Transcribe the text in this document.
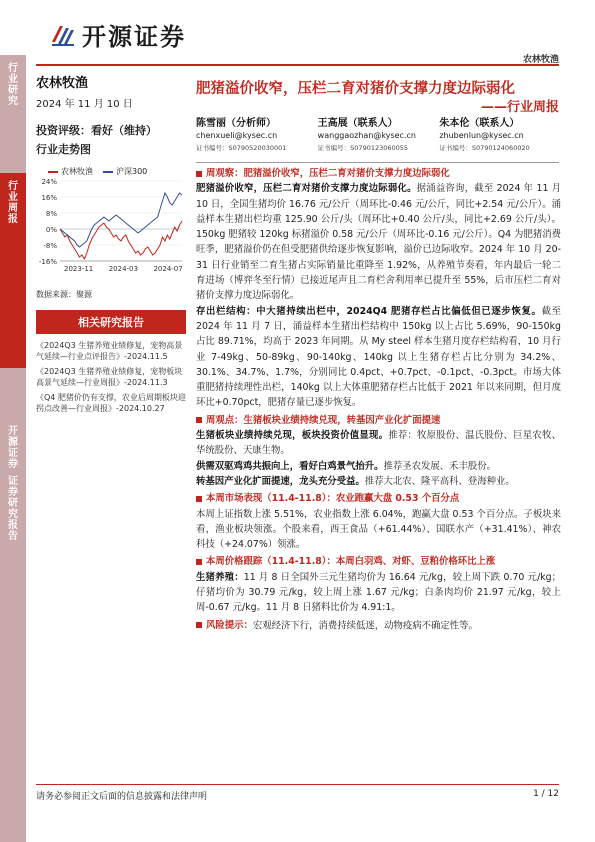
行
业
研
究
行
业
周
报
开
源
证
券
证
券
研
究
报
告
开源证券
农林牧渔
农林牧渔
2024 年 11 月 10 日
投资评级：看好（维持）
行业走势图
农林牧渔	沪深300
24%
16%
8%
0%
-8%
-16%
2023-11 2024-03 2024-07
数据来源：聚源
相关研究报告
《2024Q3 生猪养殖业绩修复，宠物高景气延续—行业点评报告》-2024.11.5
《2024Q3 生猪养殖业绩修复，宠物板块高景气延续—行业周报》-2024.11.3
《Q4 肥猪价仍有支撑，农业后周期板块迎拐点改善—行业周报》-2024.10.27
肥猪溢价收窄，压栏二育对猪价支撑力度边际弱化
——行业周报
陈雪丽（分析师）
chenxueli@kysec.cn
证书编号：S0790520030001
王高展（联系人）
wanggaozhan@kysec.cn
证书编号：S0790123060055
朱本伦（联系人）
zhubenlun@kysec.cn
证书编号：S0790124060020
周观察：肥猪溢价收窄，压栏二育对猪价支撑力度边际弱化
肥猪溢价收窄，压栏二育对猪价支撑力度边际弱化。据涌益咨询，截至 2024 年 11 月 10 日，全国生猪均价 16.76 元/公斤（周环比-0.46 元/公斤，同比+2.54 元/公斤）。涌益样本生猪出栏均重 125.90 公斤/头（周环比+0.40 公斤/头，同比+2.69 公斤/头）。150kg 肥猪较 120kg 标猪溢价 0.58 元/公斤（周环比-0.16 元/公斤）。Q4 为肥猪消费旺季，肥猪溢价仍在但受肥猪供给逐步恢复影响，溢价已边际收窄。2024 年 10 月 20-31 日行业销至二育生猪占实际销量比重降至 1.92%，从养殖节奏看，年内最后一轮二育进场（博弈冬至行情）已接近尾声且二育栏舍利用率已提升至 55%，后市压栏二育对猪价支撑力度边际弱化。
存出栏结构：中大猪持续出栏中，2024Q4 肥猪存栏占比偏低但已逐步恢复。截至 2024 年 11 月 7 日，涌益样本生猪出栏结构中 150kg 以上占比 5.69%，90-150kg 占比 89.71%，均高于 2023 年同期。从 My steel 样本生猪月度存栏结构看，10 月行业 7-49kg、50-89kg、90-140kg、140kg 以上生猪存栏占比分别为 34.2%、30.1%、34.7%、1.7%，分别同比 0.4pct、+0.7pct、-0.1pct、-0.3pct。市场大体重肥猪持续理性出栏，140kg 以上大体重肥猪存栏占比低于 2021 年以来同期，但月度环比+0.70pct，肥猪存量已逐步恢复。
周观点：生猪板块业绩持续兑现，转基因产业化扩面提速
生猪板块业绩持续兑现，板块投资价值显现。推荐：牧原股份、温氏股份、巨星农牧、华统股份、天康生物。
供需双驱鸡鸡共振向上，看好白鸡景气抬升。推荐圣农发展、禾丰股份。
转基因产业化扩面提速，龙头充分受益。推荐大北农、隆平高科、登海种业。
本周市场表现（11.4-11.8）：农业跑赢大盘 0.53 个百分点
本周上证指数上涨 5.51%，农业指数上涨 6.04%，跑赢大盘 0.53 个百分点。子板块来看，渔业板块领涨。个股来看，西王食品（+61.44%）、国联水产（+31.41%）、神农科技（+24.07%）领涨。
本周价格跟踪（11.4-11.8）：本周白羽鸡、对虾、豆粕价格环比上涨
生猪养殖：11 月 8 日全国外三元生猪均价为 16.64 元/kg，较上周下跌 0.70 元/kg；仔猪均价为 30.79 元/kg，较上周上涨 1.67 元/kg；白条肉均价 21.97 元/kg，较上周-0.67 元/kg。11 月 8 日猪料比价为 4.91:1。
风险提示： 宏观经济下行，消费持续低迷，动物疫病不确定性等。
请务必参阅正文后面的信息披露和法律声明	1 / 12
